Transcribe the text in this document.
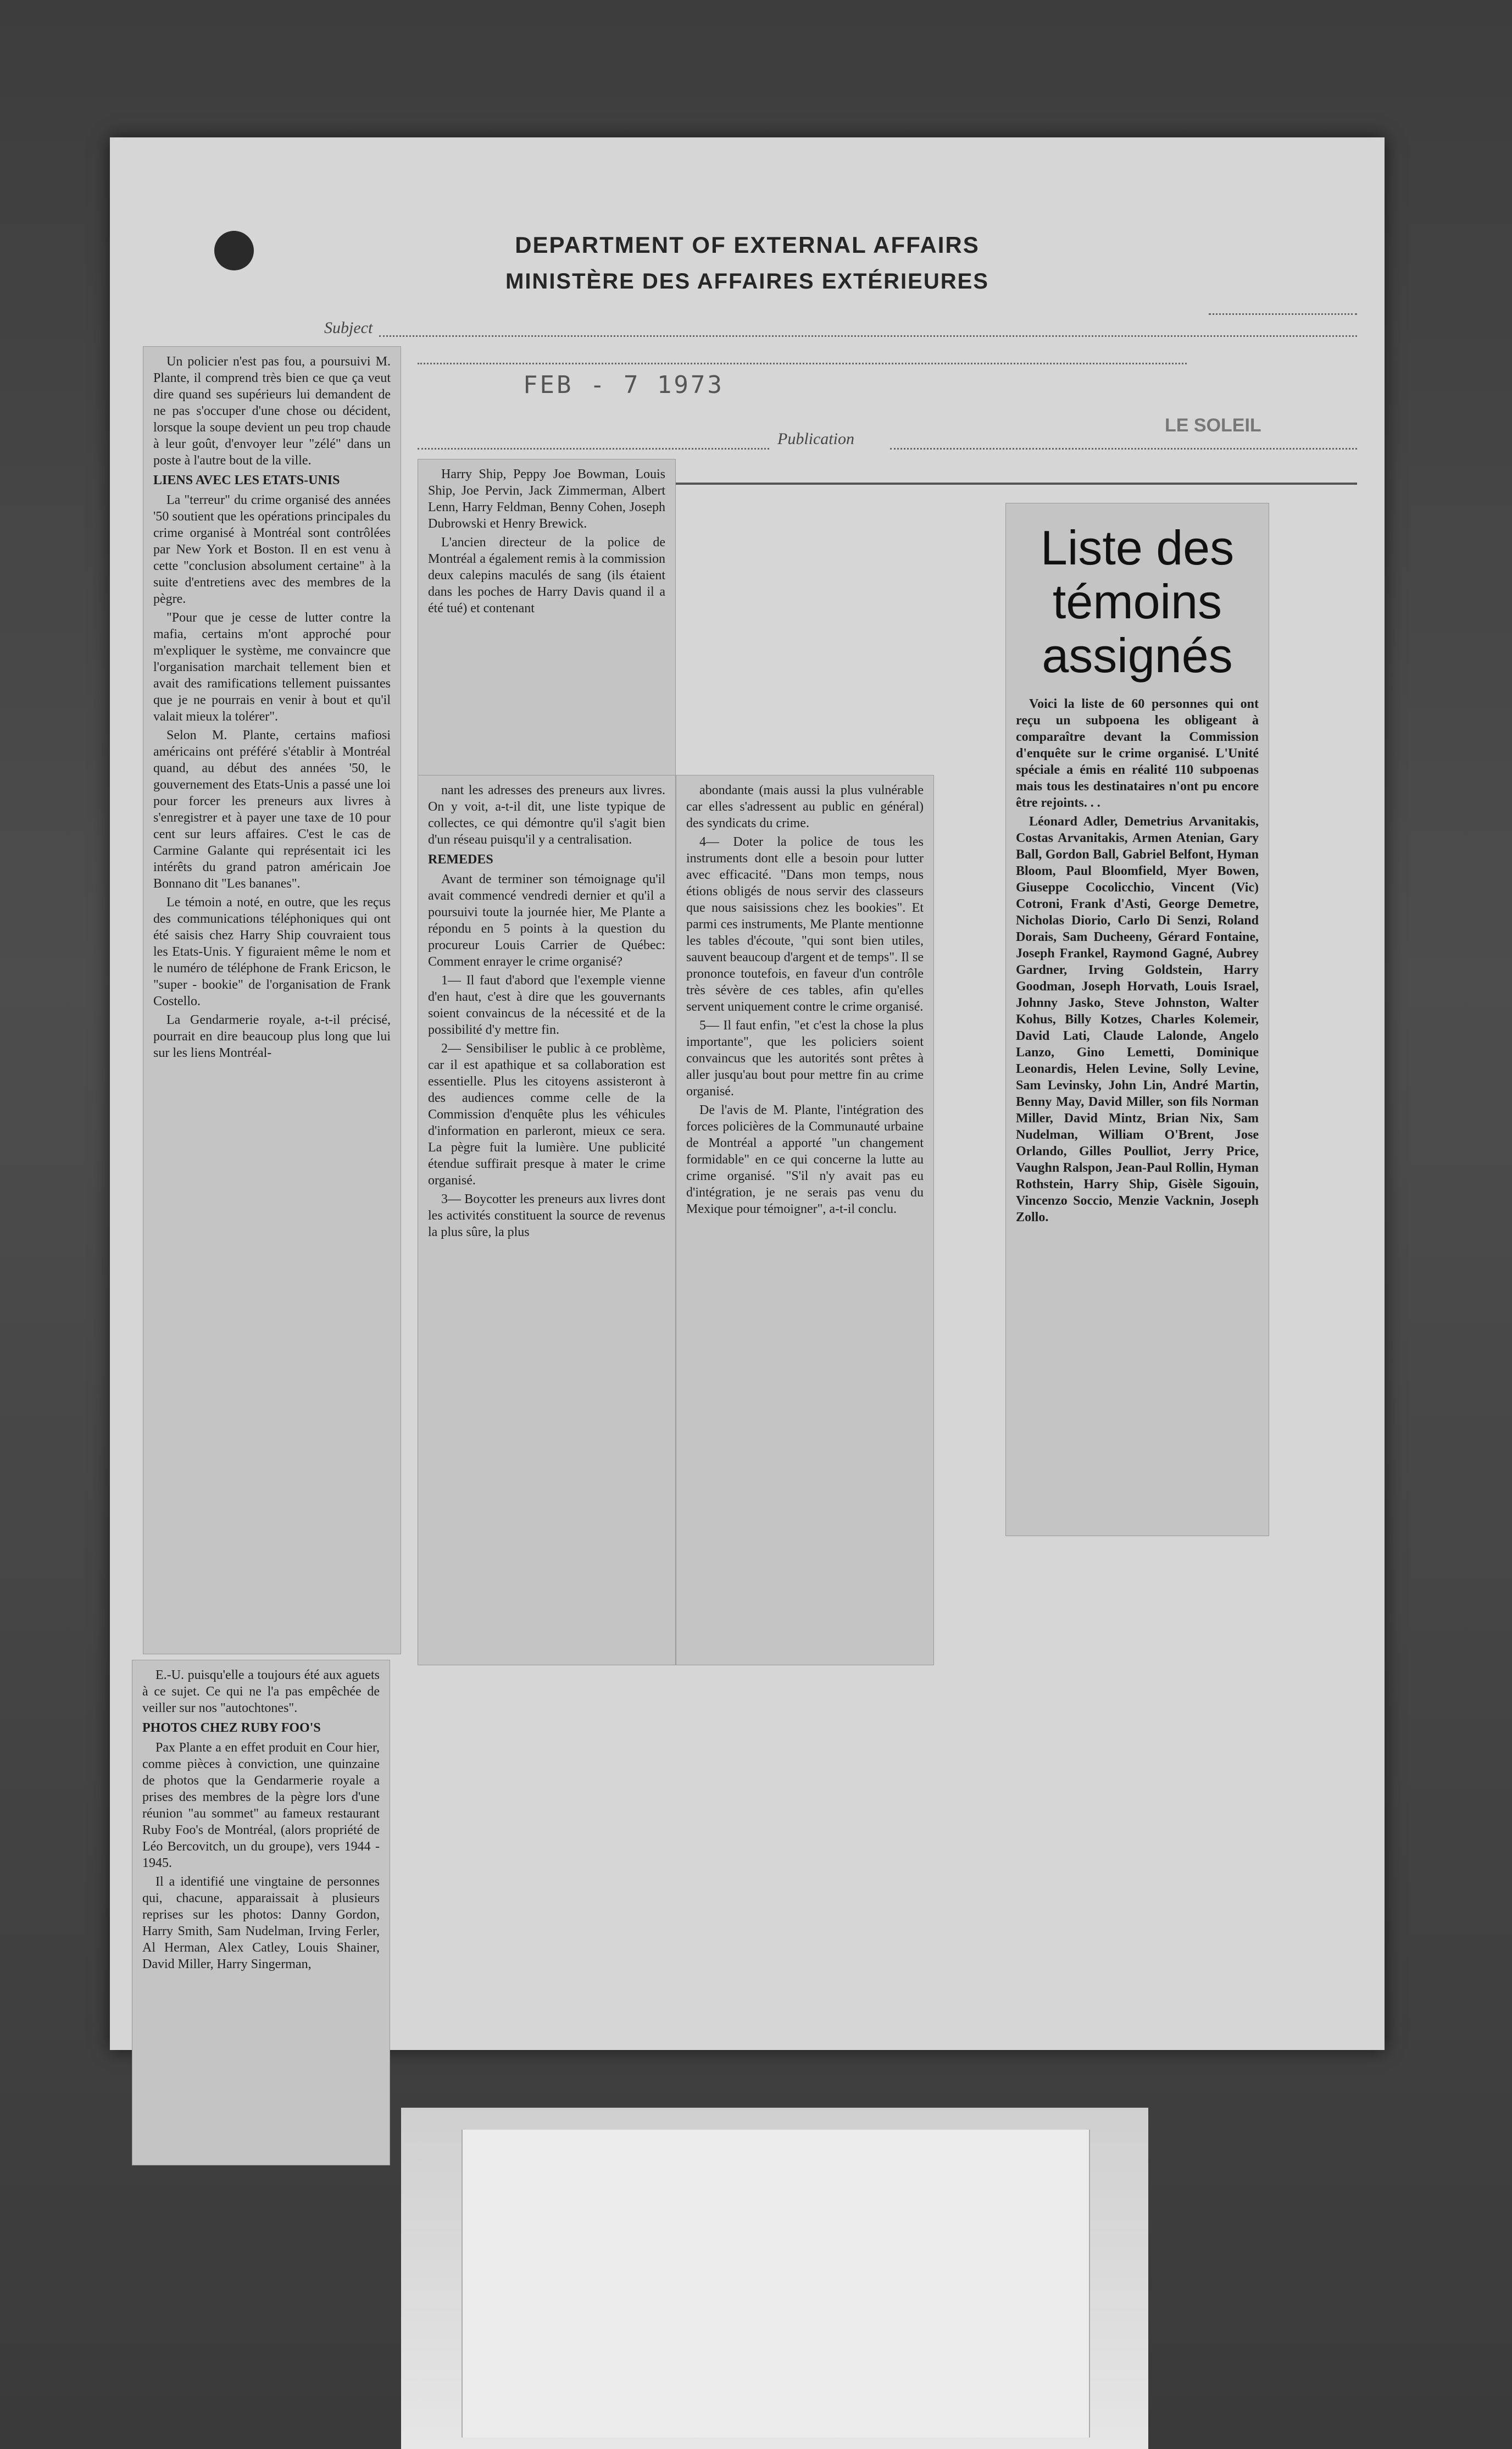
DEPARTMENT OF EXTERNAL AFFAIRS
MINISTÈRE DES AFFAIRES EXTÉRIEURES
Subject
FEB - 7 1973
Publication
LE SOLEIL

Un policier n'est pas fou, a poursuivi M. Plante, il comprend très bien ce que ça veut dire quand ses supérieurs lui demandent de ne pas s'occuper d'une chose ou décident, lorsque la soupe devient un peu trop chaude à leur goût, d'envoyer leur "zélé" dans un poste à l'autre bout de la ville.

LIENS AVEC LES ETATS-UNIS

La "terreur" du crime organisé des années '50 soutient que les opérations principales du crime organisé à Montréal sont contrôlées par New York et Boston. Il en est venu à cette "conclusion absolument certaine" à la suite d'entretiens avec des membres de la pègre.

"Pour que je cesse de lutter contre la mafia, certains m'ont approché pour m'expliquer le système, me convaincre que l'organisation marchait tellement bien et avait des ramifications tellement puissantes que je ne pourrais en venir à bout et qu'il valait mieux la tolérer".

Selon M. Plante, certains mafiosi américains ont préféré s'établir à Montréal quand, au début des années '50, le gouvernement des Etats-Unis a passé une loi pour forcer les preneurs aux livres à s'enregistrer et à payer une taxe de 10 pour cent sur leurs affaires. C'est le cas de Carmine Galante qui représentait ici les intérêts du grand patron américain Joe Bonnano dit "Les bananes".

Le témoin a noté, en outre, que les reçus des communications téléphoniques qui ont été saisis chez Harry Ship couvraient tous les Etats-Unis. Y figuraient même le nom et le numéro de téléphone de Frank Ericson, le "super - bookie" de l'organisation de Frank Costello.

La Gendarmerie royale, a-t-il précisé, pourrait en dire beaucoup plus long que lui sur les liens Montréal-

E.-U. puisqu'elle a toujours été aux aguets à ce sujet. Ce qui ne l'a pas empêchée de veiller sur nos "autochtones".

PHOTOS CHEZ RUBY FOO'S

Pax Plante a en effet produit en Cour hier, comme pièces à conviction, une quinzaine de photos que la Gendarmerie royale a prises des membres de la pègre lors d'une réunion "au sommet" au fameux restaurant Ruby Foo's de Montréal, (alors propriété de Léo Bercovitch, un du groupe), vers 1944 - 1945.

Il a identifié une vingtaine de personnes qui, chacune, apparaissait à plusieurs reprises sur les photos: Danny Gordon, Harry Smith, Sam Nudelman, Irving Ferler, Al Herman, Alex Catley, Louis Shainer, David Miller, Harry Singerman,

Harry Ship, Peppy Joe Bowman, Louis Ship, Joe Pervin, Jack Zimmerman, Albert Lenn, Harry Feldman, Benny Cohen, Joseph Dubrowski et Henry Brewick.

L'ancien directeur de la police de Montréal a également remis à la commission deux calepins maculés de sang (ils étaient dans les poches de Harry Davis quand il a été tué) et contenant

nant les adresses des preneurs aux livres. On y voit, a-t-il dit, une liste typique de collectes, ce qui démontre qu'il s'agit bien d'un réseau puisqu'il y a centralisation.

REMEDES

Avant de terminer son témoignage qu'il avait commencé vendredi dernier et qu'il a poursuivi toute la journée hier, Me Plante a répondu en 5 points à la question du procureur Louis Carrier de Québec: Comment enrayer le crime organisé?

1— Il faut d'abord que l'exemple vienne d'en haut, c'est à dire que les gouvernants soient convaincus de la nécessité et de la possibilité d'y mettre fin.

2— Sensibiliser le public à ce problème, car il est apathique et sa collaboration est essentielle. Plus les citoyens assisteront à des audiences comme celle de la Commission d'enquête plus les véhicules d'information en parleront, mieux ce sera. La pègre fuit la lumière. Une publicité étendue suffirait presque à mater le crime organisé.

3— Boycotter les preneurs aux livres dont les activités constituent la source de revenus la plus sûre, la plus

abondante (mais aussi la plus vulnérable car elles s'adressent au public en général) des syndicats du crime.

4— Doter la police de tous les instruments dont elle a besoin pour lutter avec efficacité. "Dans mon temps, nous étions obligés de nous servir des classeurs que nous saisissions chez les bookies". Et parmi ces instruments, Me Plante mentionne les tables d'écoute, "qui sont bien utiles, sauvent beaucoup d'argent et de temps". Il se prononce toutefois, en faveur d'un contrôle très sévère de ces tables, afin qu'elles servent uniquement contre le crime organisé.

5— Il faut enfin, "et c'est la chose la plus importante", que les policiers soient convaincus que les autorités sont prêtes à aller jusqu'au bout pour mettre fin au crime organisé.

De l'avis de M. Plante, l'intégration des forces policières de la Communauté urbaine de Montréal a apporté "un changement formidable" en ce qui concerne la lutte au crime organisé. "S'il n'y avait pas eu d'intégration, je ne serais pas venu du Mexique pour témoigner", a-t-il conclu.

Liste des témoins assignés

Voici la liste de 60 personnes qui ont reçu un subpoena les obligeant à comparaître devant la Commission d'enquête sur le crime organisé. L'Unité spéciale a émis en réalité 110 subpoenas mais tous les destinataires n'ont pu encore être rejoints. . .

Léonard Adler, Demetrius Arvanitakis, Costas Arvanitakis, Armen Atenian, Gary Ball, Gordon Ball, Gabriel Belfont, Hyman Bloom, Paul Bloomfield, Myer Bowen, Giuseppe Cocolicchio, Vincent (Vic) Cotroni, Frank d'Asti, George Demetre, Nicholas Diorio, Carlo Di Senzi, Roland Dorais, Sam Ducheeny, Gérard Fontaine, Joseph Frankel, Raymond Gagné, Aubrey Gardner, Irving Goldstein, Harry Goodman, Joseph Horvath, Louis Israel, Johnny Jasko, Steve Johnston, Walter Kohus, Billy Kotzes, Charles Kolemeir, David Lati, Claude Lalonde, Angelo Lanzo, Gino Lemetti, Dominique Leonardis, Helen Levine, Solly Levine, Sam Levinsky, John Lin, André Martin, Benny May, David Miller, son fils Norman Miller, David Mintz, Brian Nix, Sam Nudelman, William O'Brent, Jose Orlando, Gilles Poulliot, Jerry Price, Vaughn Ralspon, Jean-Paul Rollin, Hyman Rothstein, Harry Ship, Gisèle Sigouin, Vincenzo Soccio, Menzie Vacknin, Joseph Zollo.
